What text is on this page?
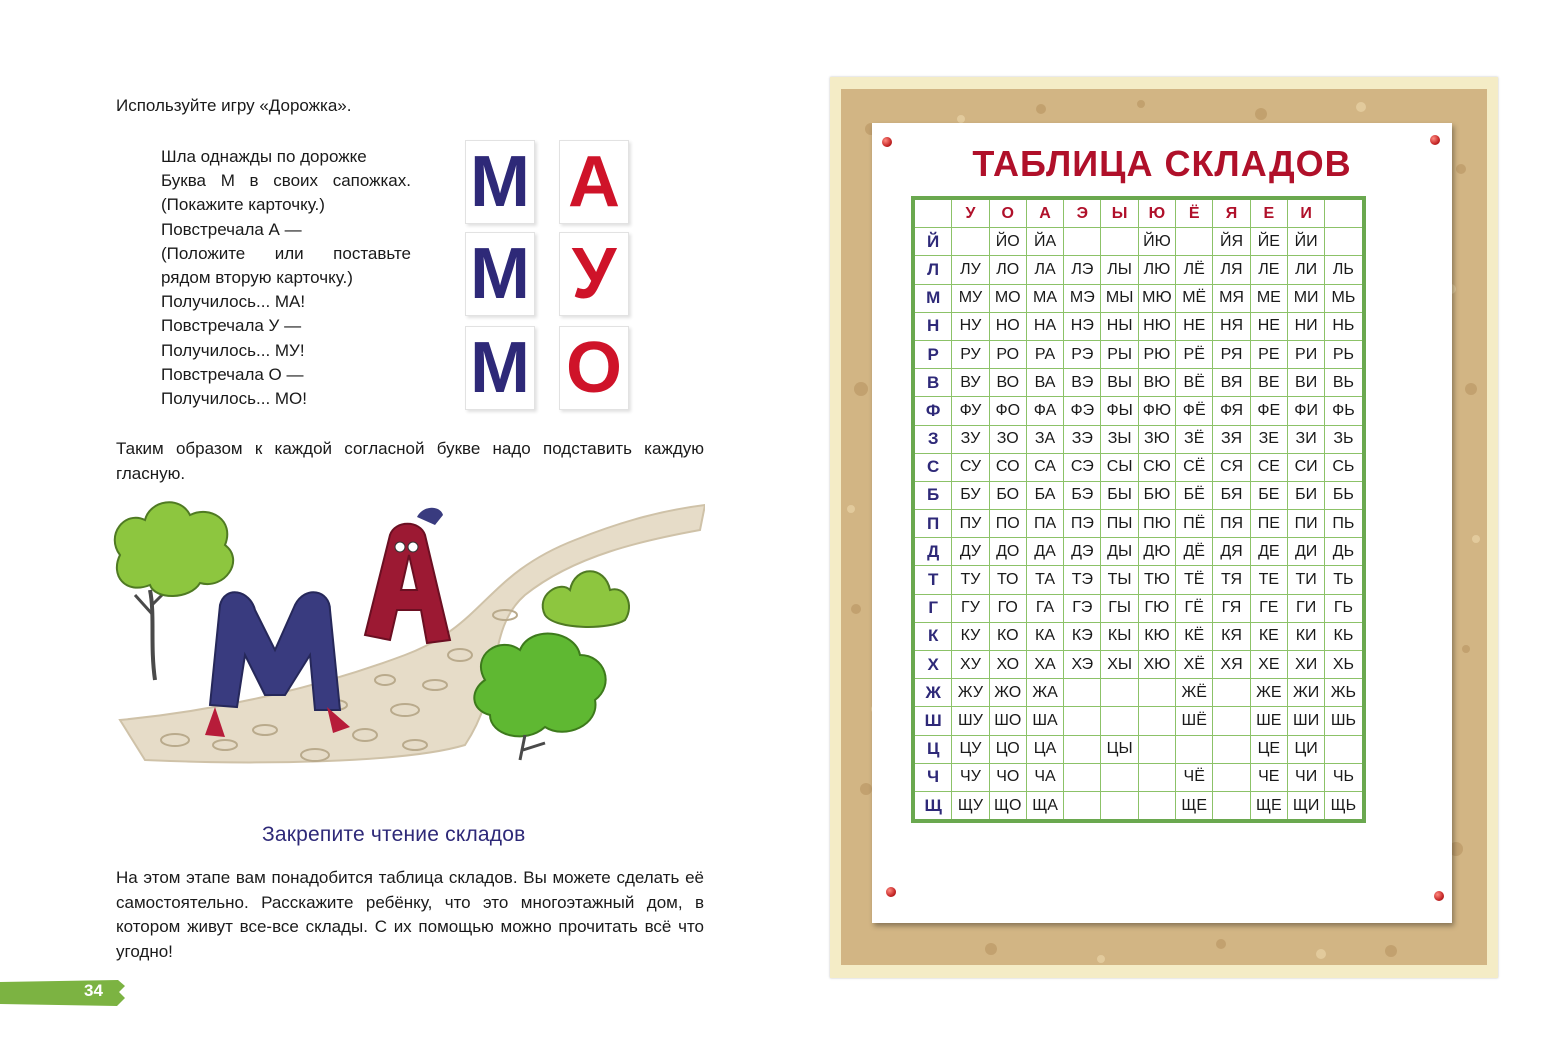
Используйте игру «Дорожка».
Шла однажды по дорожке
Буква М в своих сапожках.
(Покажите карточку.)
Повстречала А —
(Положите или поставьте
рядом вторую карточку.)
Получилось... МА!
Повстречала У —
Получилось... МУ!
Повстречала О —
Получилось... МО!
М А
М У
М О
Таким образом к каждой согласной букве надо подставить каждую гласную.
Закрепите чтение складов
На этом этапе вам понадобится таблица складов. Вы можете сделать её самостоятельно. Расскажите ребёнку, что это многоэтажный дом, в котором живут все-все склады. С их помощью можно прочитать всё что угодно!
34
ТАБЛИЦА СКЛАДОВ
	У	О	А	Э	Ы	Ю	Ё	Я	Е	И	
Й		ЙО	ЙА			ЙЮ		ЙЯ	ЙЕ	ЙИ	
Л	ЛУ	ЛО	ЛА	ЛЭ	ЛЫ	ЛЮ	ЛЁ	ЛЯ	ЛЕ	ЛИ	ЛЬ
М	МУ	МО	МА	МЭ	МЫ	МЮ	МЁ	МЯ	МЕ	МИ	МЬ
Н	НУ	НО	НА	НЭ	НЫ	НЮ	НЕ	НЯ	НЕ	НИ	НЬ
Р	РУ	РО	РА	РЭ	РЫ	РЮ	РЁ	РЯ	РЕ	РИ	РЬ
В	ВУ	ВО	ВА	ВЭ	ВЫ	ВЮ	ВЁ	ВЯ	ВЕ	ВИ	ВЬ
Ф	ФУ	ФО	ФА	ФЭ	ФЫ	ФЮ	ФЁ	ФЯ	ФЕ	ФИ	ФЬ
З	ЗУ	ЗО	ЗА	ЗЭ	ЗЫ	ЗЮ	ЗЁ	ЗЯ	ЗЕ	ЗИ	ЗЬ
С	СУ	СО	СА	СЭ	СЫ	СЮ	СЁ	СЯ	СЕ	СИ	СЬ
Б	БУ	БО	БА	БЭ	БЫ	БЮ	БЁ	БЯ	БЕ	БИ	БЬ
П	ПУ	ПО	ПА	ПЭ	ПЫ	ПЮ	ПЁ	ПЯ	ПЕ	ПИ	ПЬ
Д	ДУ	ДО	ДА	ДЭ	ДЫ	ДЮ	ДЁ	ДЯ	ДЕ	ДИ	ДЬ
Т	ТУ	ТО	ТА	ТЭ	ТЫ	ТЮ	ТЁ	ТЯ	ТЕ	ТИ	ТЬ
Г	ГУ	ГО	ГА	ГЭ	ГЫ	ГЮ	ГЁ	ГЯ	ГЕ	ГИ	ГЬ
К	КУ	КО	КА	КЭ	КЫ	КЮ	КЁ	КЯ	КЕ	КИ	КЬ
Х	ХУ	ХО	ХА	ХЭ	ХЫ	ХЮ	ХЁ	ХЯ	ХЕ	ХИ	ХЬ
Ж	ЖУ	ЖО	ЖА				ЖЁ		ЖЕ	ЖИ	ЖЬ
Ш	ШУ	ШО	ША				ШЁ		ШЕ	ШИ	ШЬ
Ц	ЦУ	ЦО	ЦА		ЦЫ				ЦЕ	ЦИ	
Ч	ЧУ	ЧО	ЧА				ЧЁ		ЧЕ	ЧИ	ЧЬ
Щ	ЩУ	ЩО	ЩА				ЩЕ		ЩЕ	ЩИ	ЩЬ
